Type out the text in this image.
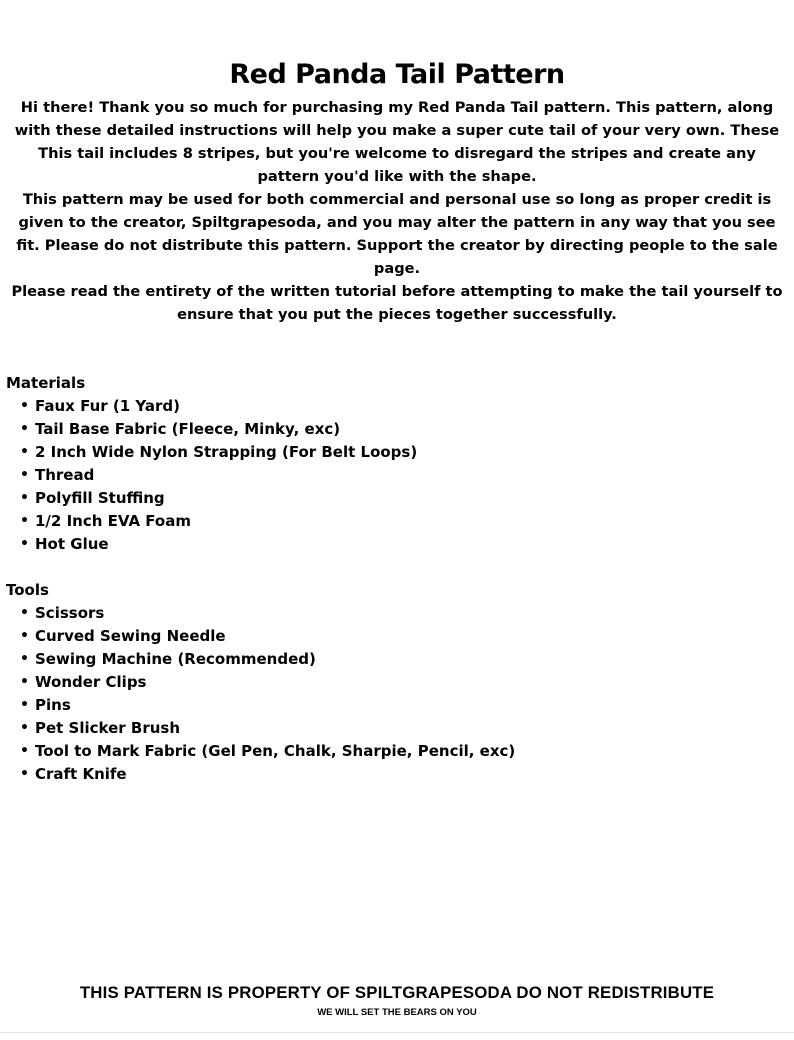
Red Panda Tail Pattern

Hi there! Thank you so much for purchasing my Red Panda Tail pattern. This pattern, along with these detailed instructions will help you make a super cute tail of your very own. These This tail includes 8 stripes, but you're welcome to disregard the stripes and create any pattern you'd like with the shape.

This pattern may be used for both commercial and personal use so long as proper credit is given to the creator, Spiltgrapesoda, and you may alter the pattern in any way that you see fit. Please do not distribute this pattern. Support the creator by directing people to the sale page.

Please read the entirety of the written tutorial before attempting to make the tail yourself to ensure that you put the pieces together successfully.

Materials
• Faux Fur (1 Yard)
• Tail Base Fabric (Fleece, Minky, exc)
• 2 Inch Wide Nylon Strapping (For Belt Loops)
• Thread
• Polyfill Stuffing
• 1/2 Inch EVA Foam
• Hot Glue
Tools
• Scissors
• Curved Sewing Needle
• Sewing Machine (Recommended)
• Wonder Clips
• Pins
• Pet Slicker Brush
• Tool to Mark Fabric (Gel Pen, Chalk, Sharpie, Pencil, exc)
• Craft Knife
THIS PATTERN IS PROPERTY OF SPILTGRAPESODA DO NOT REDISTRIBUTE
WE WILL SET THE BEARS ON YOU
